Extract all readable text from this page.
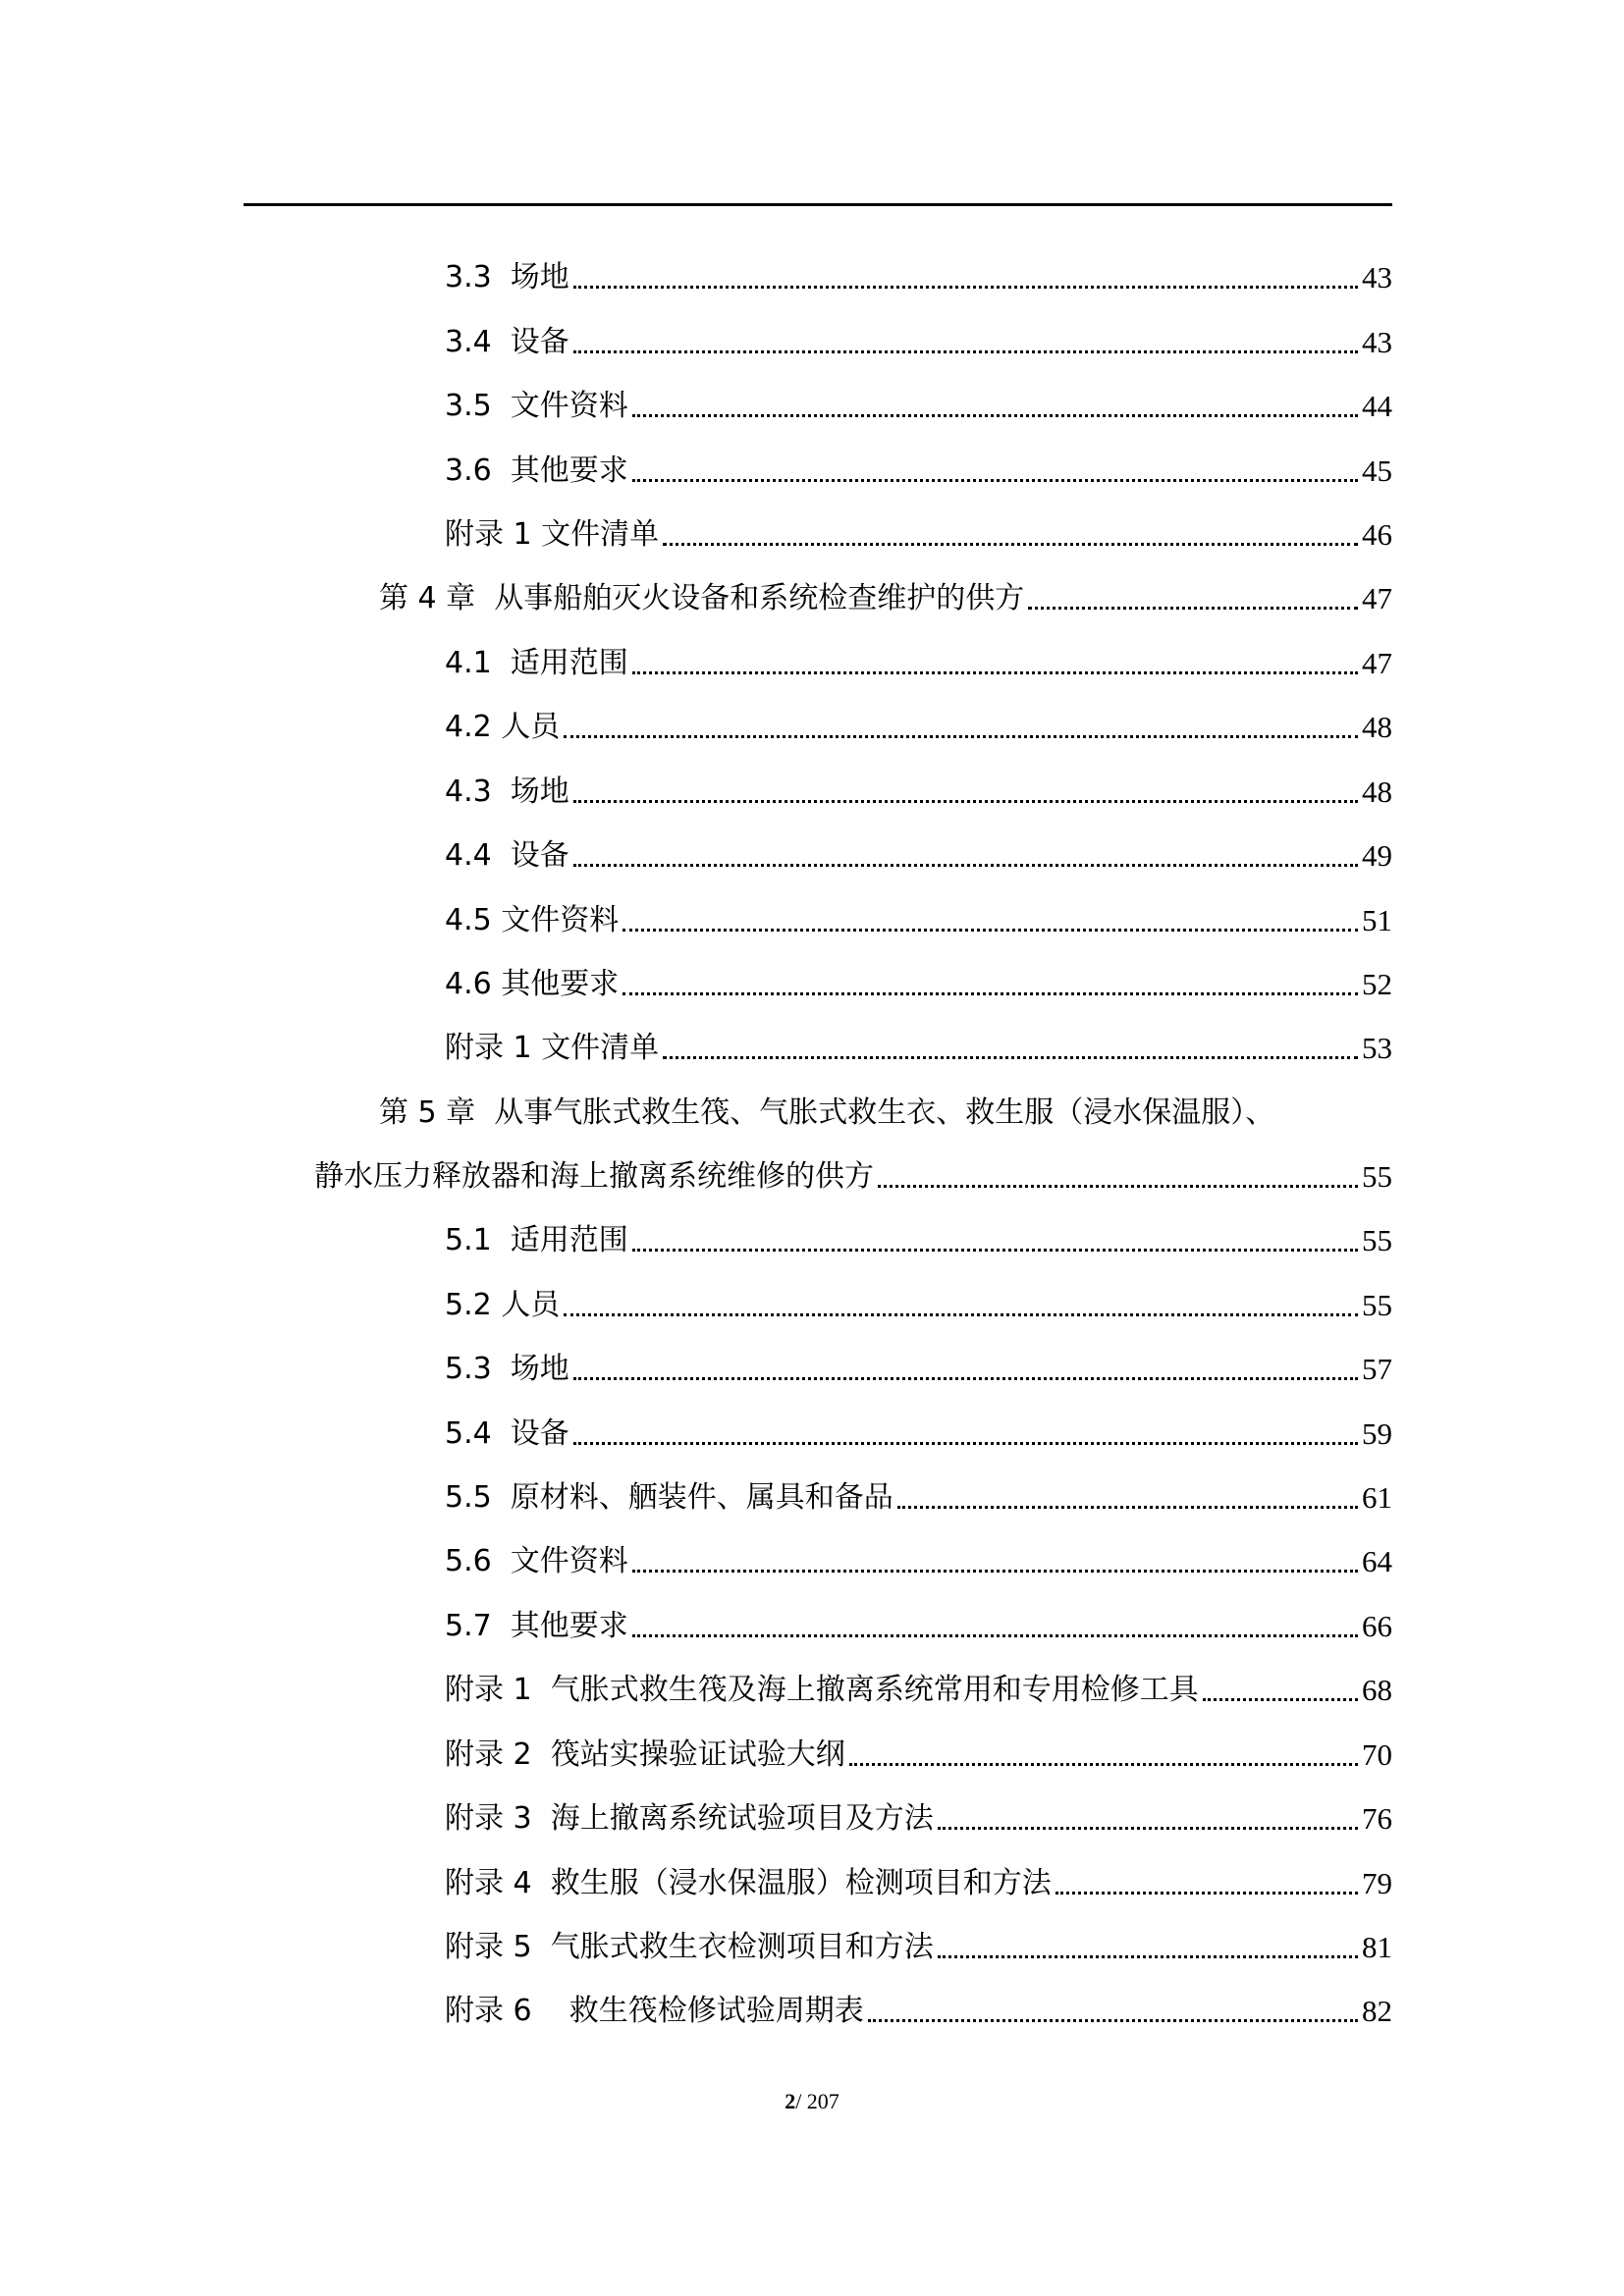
3.3  场地	43
3.4  设备	43
3.5  文件资料	44
3.6  其他要求	45
附录 1 文件清单	46
第 4 章  从事船舶灭火设备和系统检查维护的供方	47
4.1  适用范围	47
4.2 人员	48
4.3  场地	48
4.4  设备	49
4.5 文件资料	51
4.6 其他要求	52
附录 1 文件清单	53
第 5 章  从事气胀式救生筏、气胀式救生衣、救生服（浸水保温服）、
静水压力释放器和海上撤离系统维修的供方	55
5.1  适用范围	55
5.2 人员	55
5.3  场地	57
5.4  设备	59
5.5  原材料、舾装件、属具和备品	61
5.6  文件资料	64
5.7  其他要求	66
附录 1  气胀式救生筏及海上撤离系统常用和专用检修工具	68
附录 2  筏站实操验证试验大纲	70
附录 3  海上撤离系统试验项目及方法	76
附录 4  救生服（浸水保温服）检测项目和方法	79
附录 5  气胀式救生衣检测项目和方法	81
附录 6    救生筏检修试验周期表	82
2/ 207
